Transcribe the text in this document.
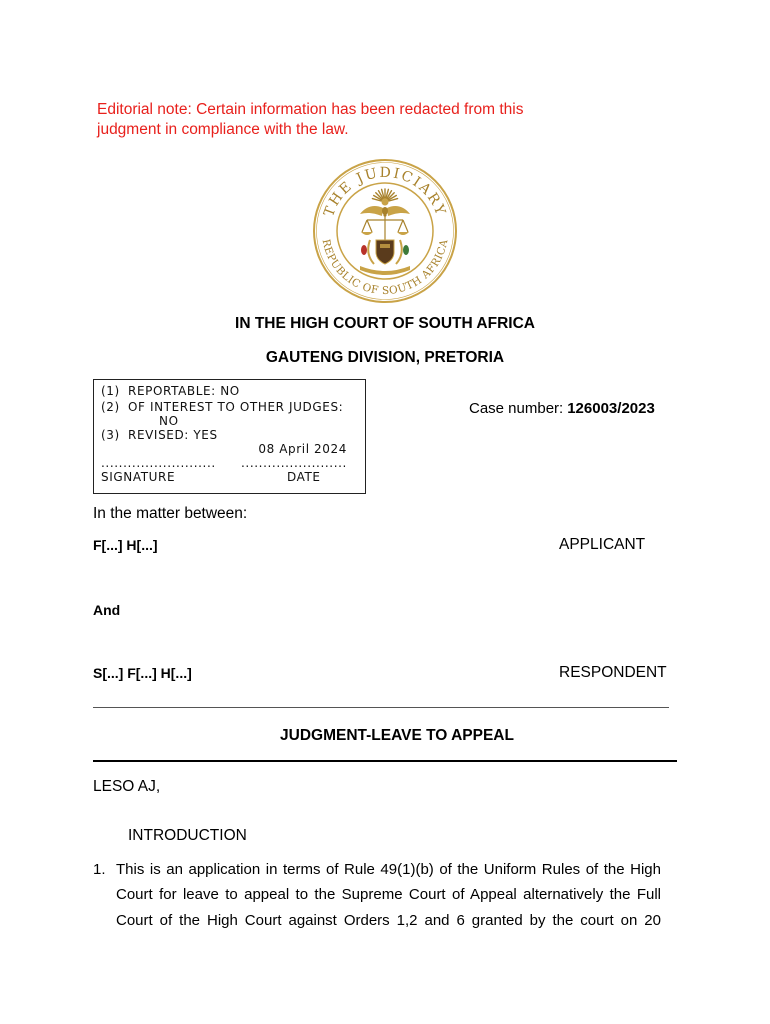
Editorial note: Certain information has been redacted from this
judgment in compliance with the law.
THE JUDICIARY
REPUBLIC OF SOUTH AFRICA
IN THE HIGH COURT OF SOUTH AFRICA
GAUTENG DIVISION, PRETORIA
(1) REPORTABLE: NO
(2) OF INTEREST TO OTHER JUDGES:
NO
(3) REVISED: YES
08 April 2024
.......................... ........................
SIGNATURE	DATE
Case number: 126003/2023
In the matter between:
F[...] H[...]	APPLICANT
And
S[...] F[...] H[...]	RESPONDENT
JUDGMENT-LEAVE TO APPEAL
LESO AJ,
INTRODUCTION
1. This is an application in terms of Rule 49(1)(b) of the Uniform Rules of the High
Court for leave to appeal to the Supreme Court of Appeal alternatively the Full
Court of the High Court against Orders 1,2 and 6 granted by the court on 20
